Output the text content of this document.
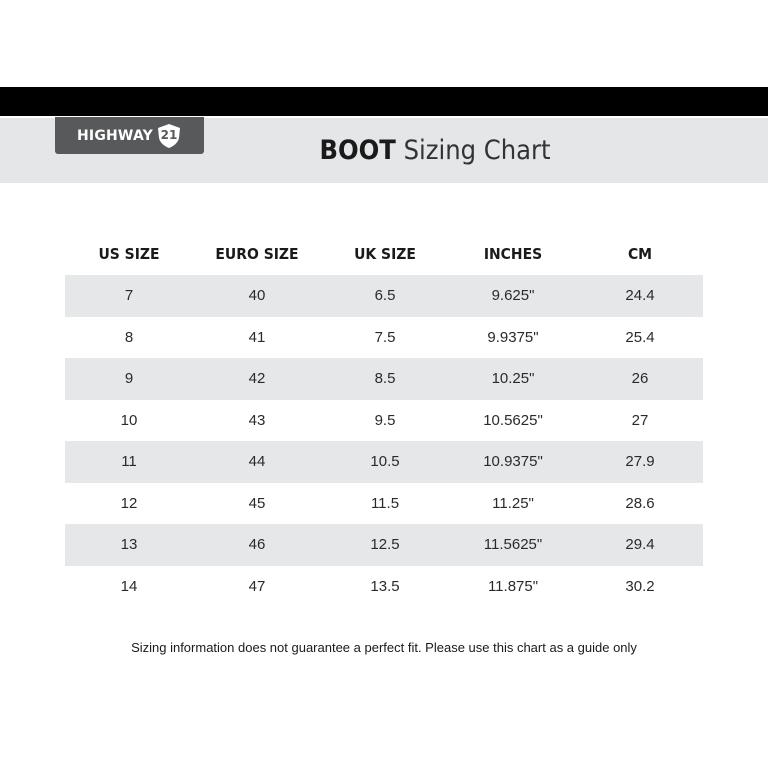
HIGHWAY 21
BOOT Sizing Chart
US SIZE	EURO SIZE	UK SIZE	INCHES	CM
7	40	6.5	9.625"	24.4
8	41	7.5	9.9375"	25.4
9	42	8.5	10.25"	26
10	43	9.5	10.5625"	27
11	44	10.5	10.9375"	27.9
12	45	11.5	11.25"	28.6
13	46	12.5	11.5625"	29.4
14	47	13.5	11.875"	30.2
Sizing information does not guarantee a perfect fit. Please use this chart as a guide only
